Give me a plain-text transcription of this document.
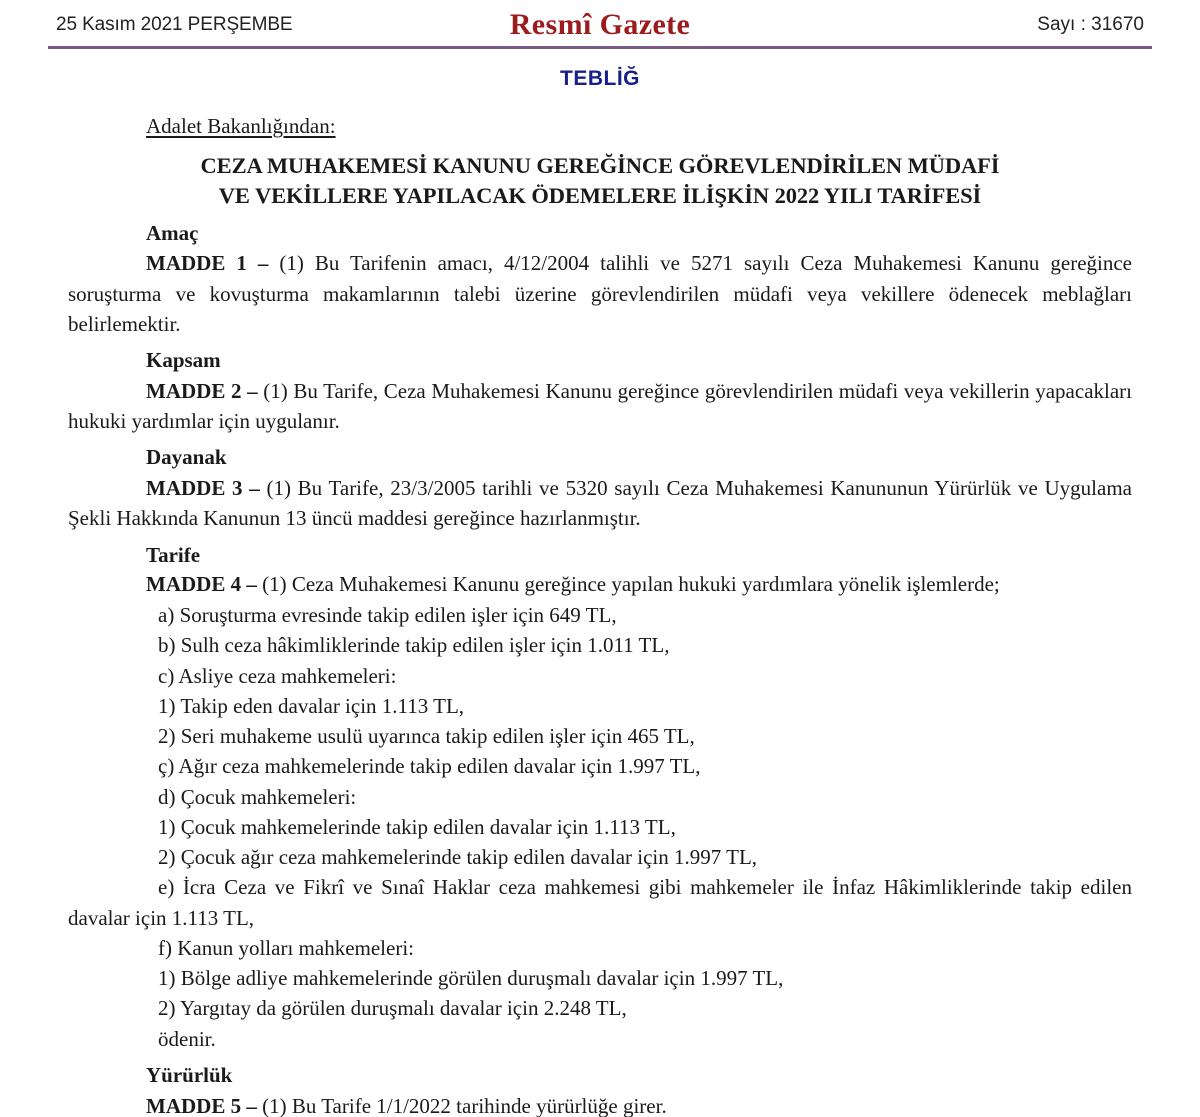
25 Kasım 2021 PERŞEMBE	Resmî Gazete	Sayı : 31670
TEBLİĞ
Adalet Bakanlığından:
CEZA MUHAKEMESİ KANUNU GEREĞİNCE GÖREVLENDİRİLEN MÜDAFİ
VE VEKİLLERE YAPILACAK ÖDEMELERE İLİŞKİN 2022 YILI TARİFESİ
Amaç

MADDE 1 – (1) Bu Tarifenin amacı, 4/12/2004 talihli ve 5271 sayılı Ceza Muhakemesi Kanunu gereğince soruşturma ve kovuşturma makamlarının talebi üzerine görevlendirilen müdafi veya vekillere ödenecek meblağları belirlemektir.

Kapsam

MADDE 2 – (1) Bu Tarife, Ceza Muhakemesi Kanunu gereğince görevlendirilen müdafi veya vekillerin yapacakları hukuki yardımlar için uygulanır.

Dayanak

MADDE 3 – (1) Bu Tarife, 23/3/2005 tarihli ve 5320 sayılı Ceza Muhakemesi Kanununun Yürürlük ve Uygulama Şekli Hakkında Kanunun 13 üncü maddesi gereğince hazırlanmıştır.

Tarife

MADDE 4 – (1) Ceza Muhakemesi Kanunu gereğince yapılan hukuki yardımlara yönelik işlemlerde;

a) Soruşturma evresinde takip edilen işler için 649 TL,

b) Sulh ceza hâkimliklerinde takip edilen işler için 1.011 TL,

c) Asliye ceza mahkemeleri:

1) Takip eden davalar için 1.113 TL,

2) Seri muhakeme usulü uyarınca takip edilen işler için 465 TL,

ç) Ağır ceza mahkemelerinde takip edilen davalar için 1.997 TL,

d) Çocuk mahkemeleri:

1) Çocuk mahkemelerinde takip edilen davalar için 1.113 TL,

2) Çocuk ağır ceza mahkemelerinde takip edilen davalar için 1.997 TL,

e) İcra Ceza ve Fikrî ve Sınaî Haklar ceza mahkemesi gibi mahkemeler ile İnfaz Hâkimliklerinde takip edilen davalar için 1.113 TL,

f) Kanun yolları mahkemeleri:

1) Bölge adliye mahkemelerinde görülen duruşmalı davalar için 1.997 TL,

2) Yargıtay da görülen duruşmalı davalar için 2.248 TL,

ödenir.

Yürürlük

MADDE 5 – (1) Bu Tarife 1/1/2022 tarihinde yürürlüğe girer.
